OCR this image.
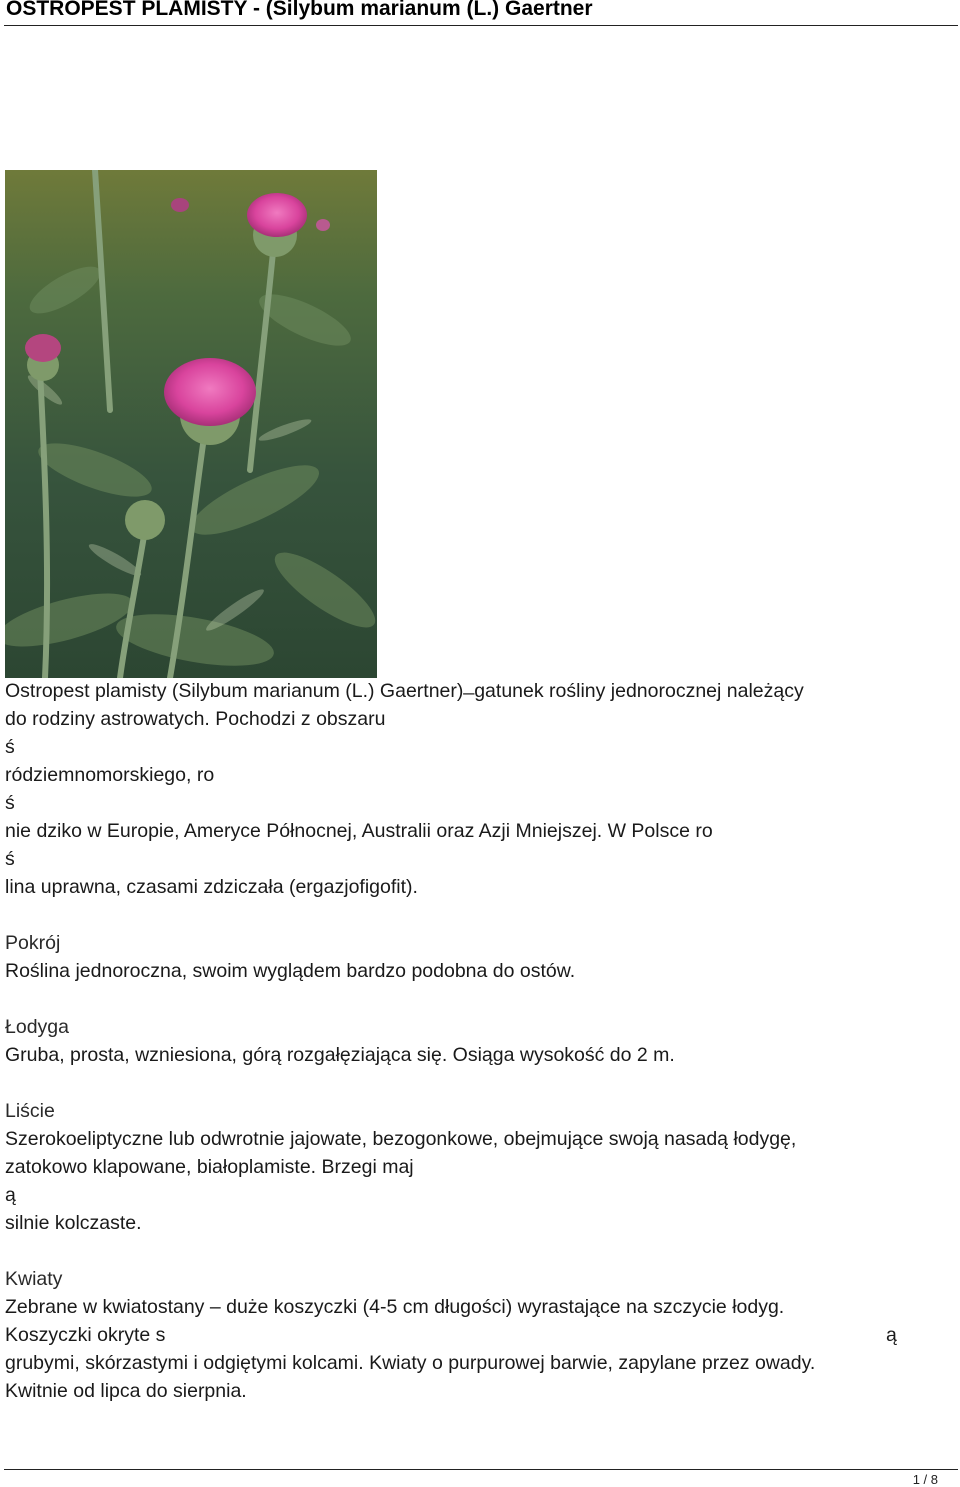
OSTROPEST PLAMISTY - (Silybum marianum (L.) Gaertner
Ostropest plamisty (Silybum marianum (L.) Gaertner) ̶ gatunek rośliny jednorocznej należący
do rodziny astrowatych. Pochodzi z obszaru
ś
ródziemnomorskiego, ro
ś
nie dziko w Europie, Ameryce Północnej, Australii oraz Azji Mniejszej. W Polsce ro
ś
lina uprawna, czasami zdziczała (ergazjofigofit).
Pokrój
Roślina jednoroczna, swoim wyglądem bardzo podobna do ostów.
Łodyga
Gruba, prosta, wzniesiona, górą rozgałęziająca się. Osiąga wysokość do 2 m.
Liście
Szerokoeliptyczne lub odwrotnie jajowate, bezogonkowe, obejmujące swoją nasadą łodygę,
zatokowo klapowane, białoplamiste. Brzegi maj
ą
silnie kolczaste.
Kwiaty
Zebrane w kwiatostany ‒ duże koszyczki (4-5 cm długości) wyrastające na szczycie łodyg.
Koszyczki okryte s	ą
grubymi, skórzastymi i odgiętymi kolcami. Kwiaty o purpurowej barwie, zapylane przez owady.
Kwitnie od lipca do sierpnia.
1 / 8
